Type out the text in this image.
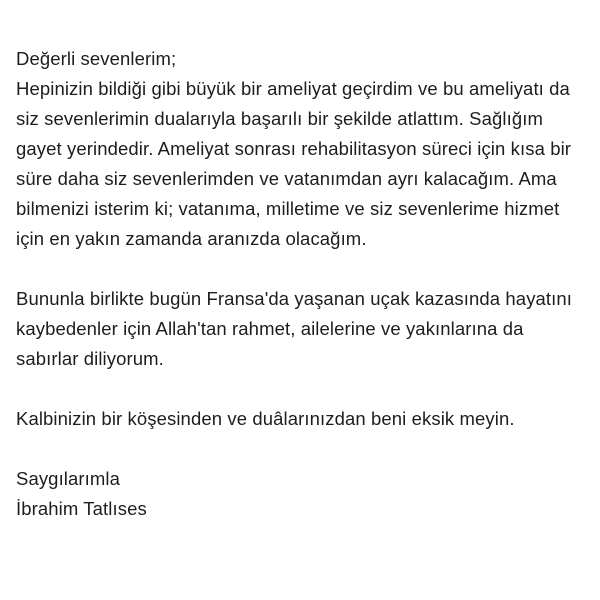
Değerli sevenlerim;

Hepinizin bildiği gibi büyük bir ameliyat geçirdim ve bu ameliyatı da siz sevenlerimin dualarıyla başarılı bir şekilde atlattım. Sağlığım gayet yerindedir. Ameliyat sonrası rehabilitasyon süreci için kısa bir süre daha siz sevenlerimden ve vatanımdan ayrı kalacağım. Ama bilmenizi isterim ki; vatanıma, milletime ve siz sevenlerime hizmet için en yakın zamanda aranızda olacağım.

Bununla birlikte bugün Fransa'da yaşanan uçak kazasında hayatını kaybedenler için Allah'tan rahmet, ailelerine ve yakınlarına da sabırlar diliyorum.

Kalbinizin bir köşesinden ve duâlarınızdan beni eksik meyin.

Saygılarımla

İbrahim Tatlıses
